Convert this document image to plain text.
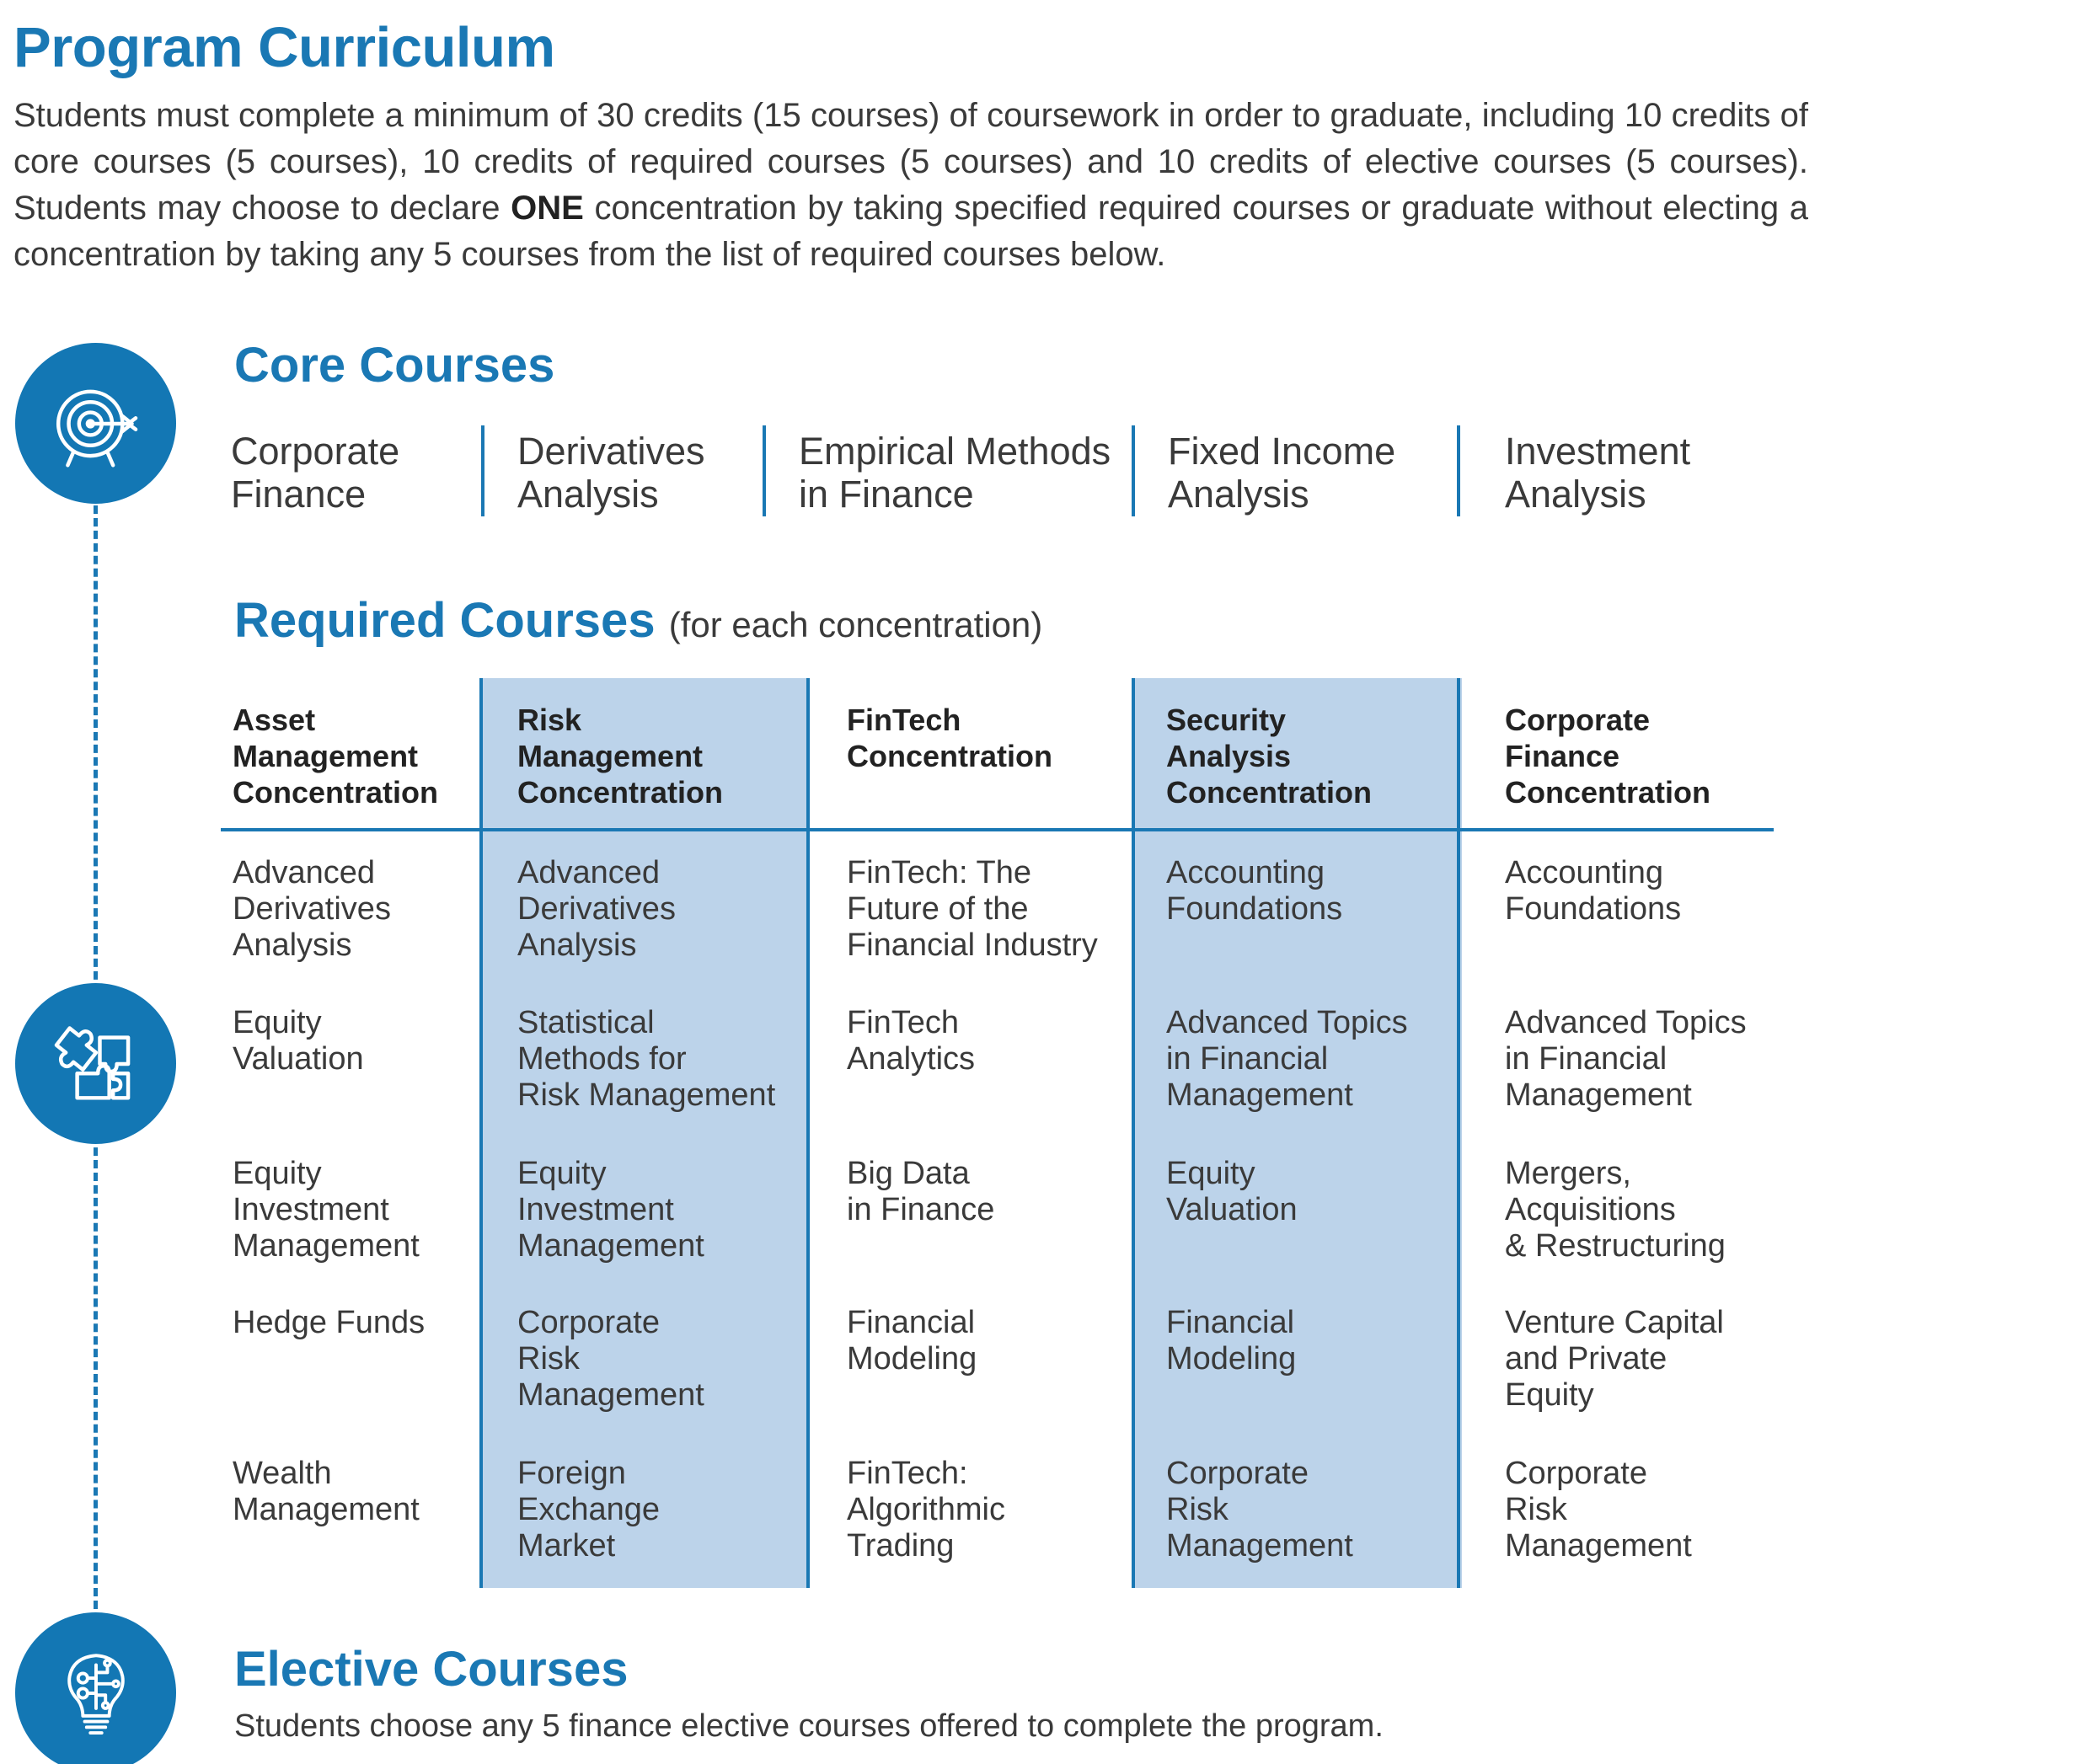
Program Curriculum

Students must complete a minimum of 30 credits (15 courses) of coursework in order to graduate, including 10 credits of core courses (5 courses), 10 credits of required courses (5 courses) and 10 credits of elective courses (5 courses). Students may choose to declare ONE concentration by taking specified required courses or graduate without electing a concentration by taking any 5 courses from the list of required courses below.

Core Courses
Corporate
Finance
Derivatives
Analysis
Empirical Methods
in Finance
Fixed Income
Analysis
Investment
Analysis
Required Courses (for each concentration)
Asset
Management
Concentration
Advanced
Derivatives
Analysis
Equity
Valuation
Equity
Investment
Management
Hedge Funds
Wealth
Management
Risk
Management
Concentration
Advanced
Derivatives
Analysis
Statistical
Methods for
Risk Management
Equity
Investment
Management
Corporate
Risk
Management
Foreign
Exchange
Market
FinTech
Concentration
FinTech: The
Future of the
Financial Industry
FinTech
Analytics
Big Data
in Finance
Financial
Modeling
FinTech:
Algorithmic
Trading
Security
Analysis
Concentration
Accounting
Foundations
Advanced Topics
in Financial
Management
Equity
Valuation
Financial
Modeling
Corporate
Risk
Management
Corporate
Finance
Concentration
Accounting
Foundations
Advanced Topics
in Financial
Management
Mergers,
Acquisitions
& Restructuring
Venture Capital
and Private
Equity
Corporate
Risk
Management
Elective Courses

Students choose any 5 finance elective courses offered to complete the program.
